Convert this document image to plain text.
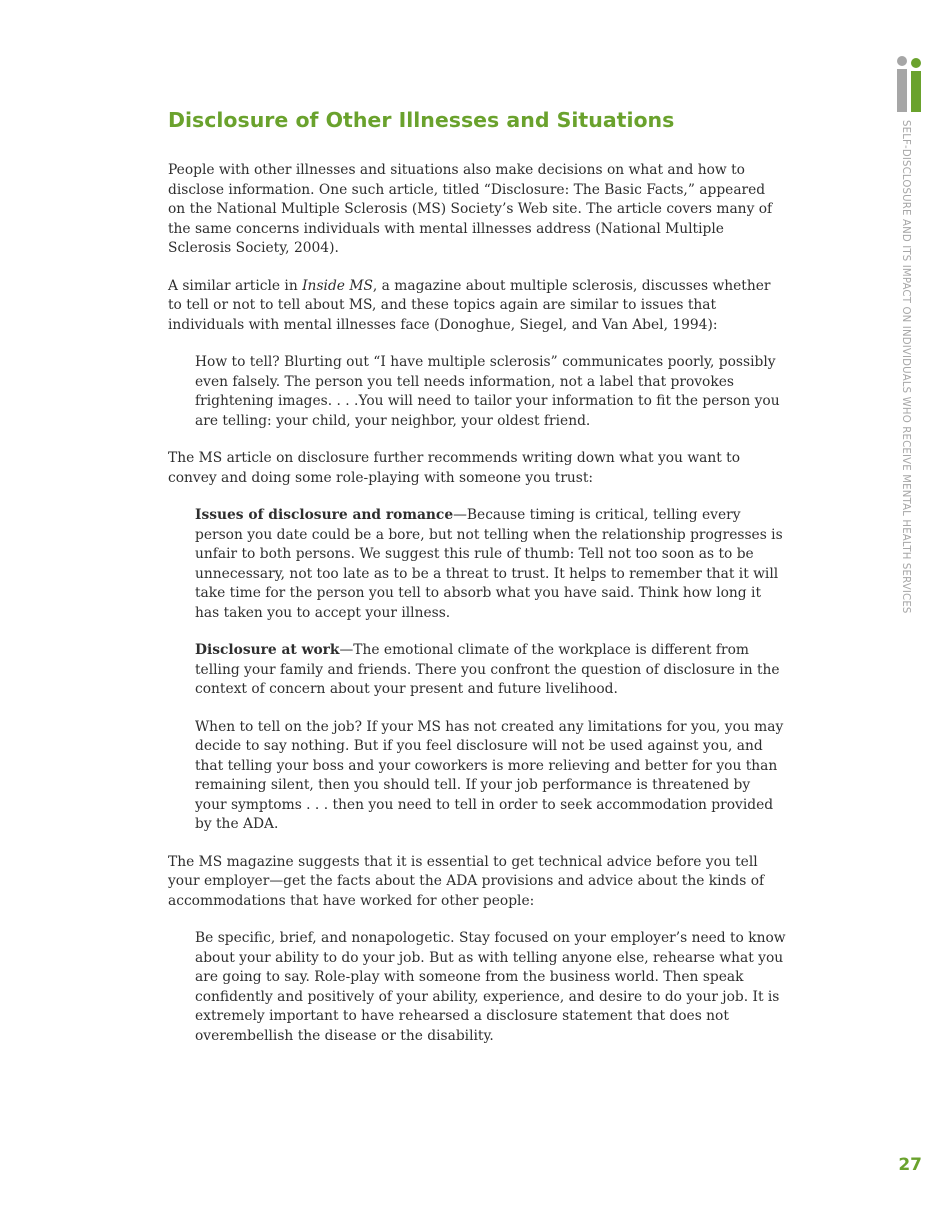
SELF-DISCLOSURE AND ITS IMPACT ON INDIVIDUALS WHO RECEIVE MENTAL HEALTH SERVICES
Disclosure of Other Illnesses and Situations

People with other illnesses and situations also make decisions on what and how to disclose information. One such article, titled “Disclosure: The Basic Facts,” appeared on the National Multiple Sclerosis (MS) Society’s Web site. The article covers many of the same concerns individuals with mental illnesses address (National Multiple Sclerosis Society, 2004).

A similar article in Inside MS, a magazine about multiple sclerosis, discusses whether to tell or not to tell about MS, and these topics again are similar to issues that individuals with mental illnesses face (Donoghue, Siegel, and Van Abel, 1994):

How to tell? Blurting out “I have multiple sclerosis” communicates poorly, possibly even falsely. The person you tell needs information, not a label that provokes frightening images. . . .You will need to tailor your information to fit the person you are telling: your child, your neighbor, your oldest friend.

The MS article on disclosure further recommends writing down what you want to convey and doing some role-playing with someone you trust:

Issues of disclosure and romance—Because timing is critical, telling every person you date could be a bore, but not telling when the relationship progresses is unfair to both persons. We suggest this rule of thumb: Tell not too soon as to be unnecessary, not too late as to be a threat to trust. It helps to remember that it will take time for the person you tell to absorb what you have said. Think how long it has taken you to accept your illness.

Disclosure at work—The emotional climate of the workplace is different from telling your family and friends. There you confront the question of disclosure in the context of concern about your present and future livelihood.

When to tell on the job? If your MS has not created any limitations for you, you may decide to say nothing. But if you feel disclosure will not be used against you, and that telling your boss and your coworkers is more relieving and better for you than remaining silent, then you should tell. If your job performance is threatened by your symptoms . . . then you need to tell in order to seek accommodation provided by the ADA.

The MS magazine suggests that it is essential to get technical advice before you tell your employer—get the facts about the ADA provisions and advice about the kinds of accommodations that have worked for other people:

Be specific, brief, and nonapologetic. Stay focused on your employer’s need to know about your ability to do your job. But as with telling anyone else, rehearse what you are going to say. Role-play with someone from the business world. Then speak confidently and positively of your ability, experience, and desire to do your job. It is extremely important to have rehearsed a disclosure statement that does not overembellish the disease or the disability.

27
